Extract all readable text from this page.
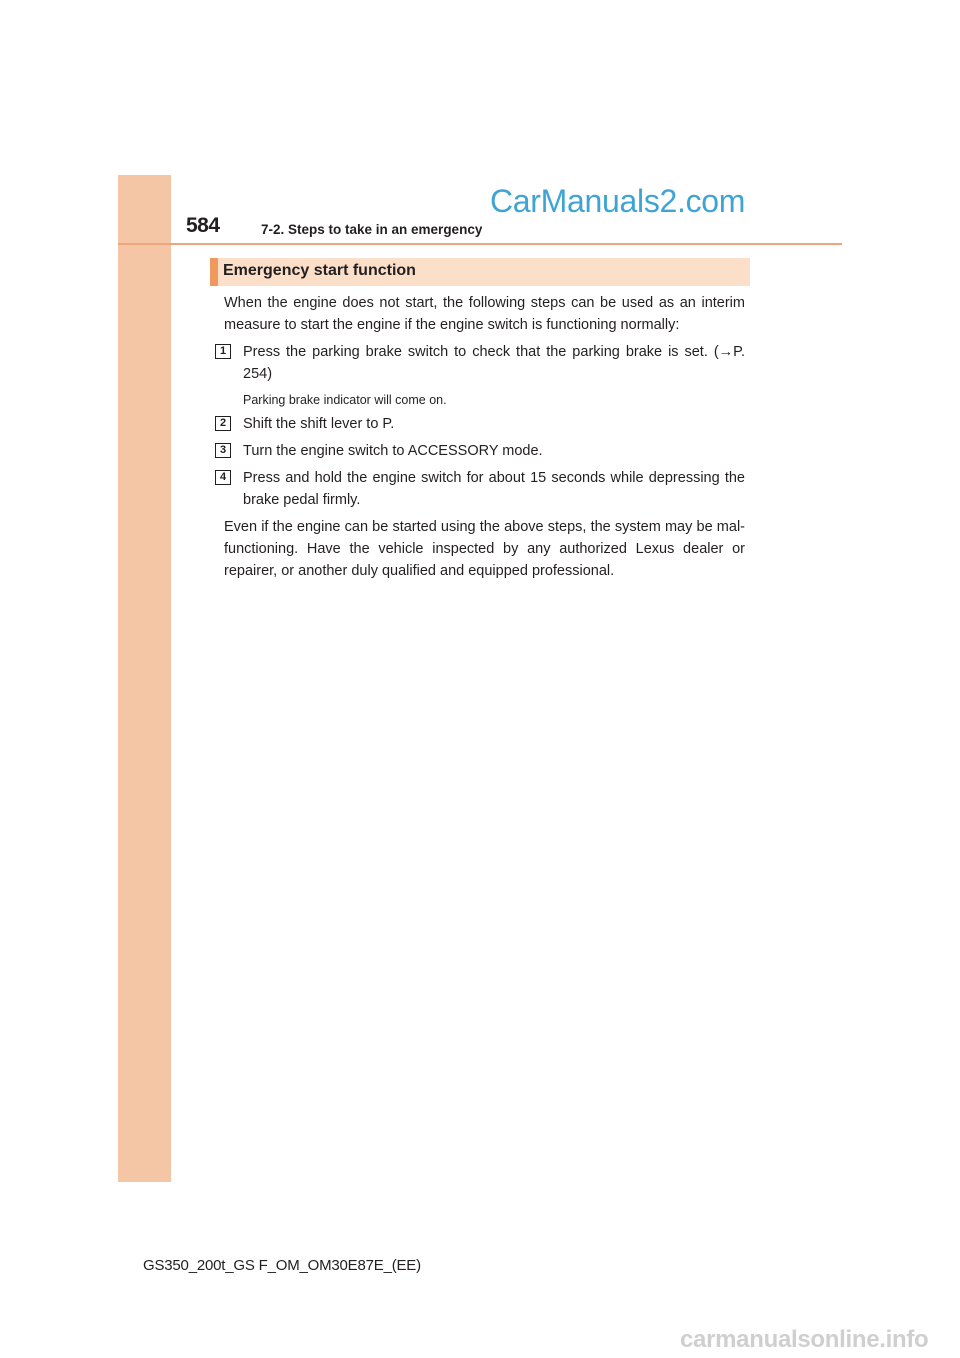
584	7-2. Steps to take in an emergency
CarManuals2.com
Emergency start function

When the engine does not start, the following steps can be used as an interim measure to start the engine if the engine switch is functioning normally:

1	Press the parking brake switch to check that the parking brake is set. (→P. 254)

Parking brake indicator will come on.

2	Shift the shift lever to P.
3	Turn the engine switch to ACCESSORY mode.
4	Press and hold the engine switch for about 15 seconds while depressing the brake pedal firmly.

Even if the engine can be started using the above steps, the system may be mal-functioning. Have the vehicle inspected by any authorized Lexus dealer or repairer, or another duly qualified and equipped professional.

GS350_200t_GS F_OM_OM30E87E_(EE)
carmanualsonline.info
